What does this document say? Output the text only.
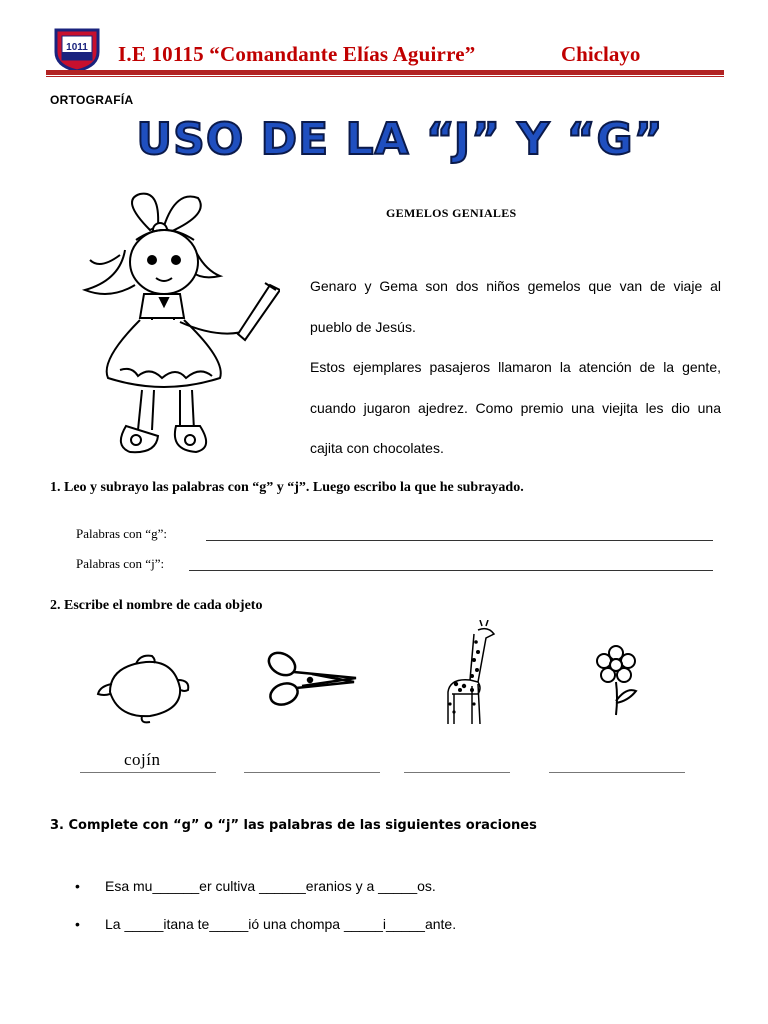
1011 I.E 10115 “Comandante Elías Aguirre”	Chiclayo
ORTOGRAFÍA
USO DE LA “J” Y “G”
GEMELOS GENIALES

Genaro y Gema son dos niños gemelos que van de viaje al pueblo de Jesús.

Estos ejemplares pasajeros llamaron la atención de la gente, cuando jugaron ajedrez. Como premio una viejita les dio una cajita con chocolates.

1. Leo y subrayo las palabras con “g” y “j”. Luego escribo la que he subrayado.
Palabras con “g”:
Palabras con “j”:
2. Escribe el nombre de cada objeto
cojín
3. Complete con “g” o “j” las palabras de las siguientes oraciones
• Esa mu______er cultiva ______eranios y a _____os.
• La _____itana te_____ió una chompa _____i_____ante.
